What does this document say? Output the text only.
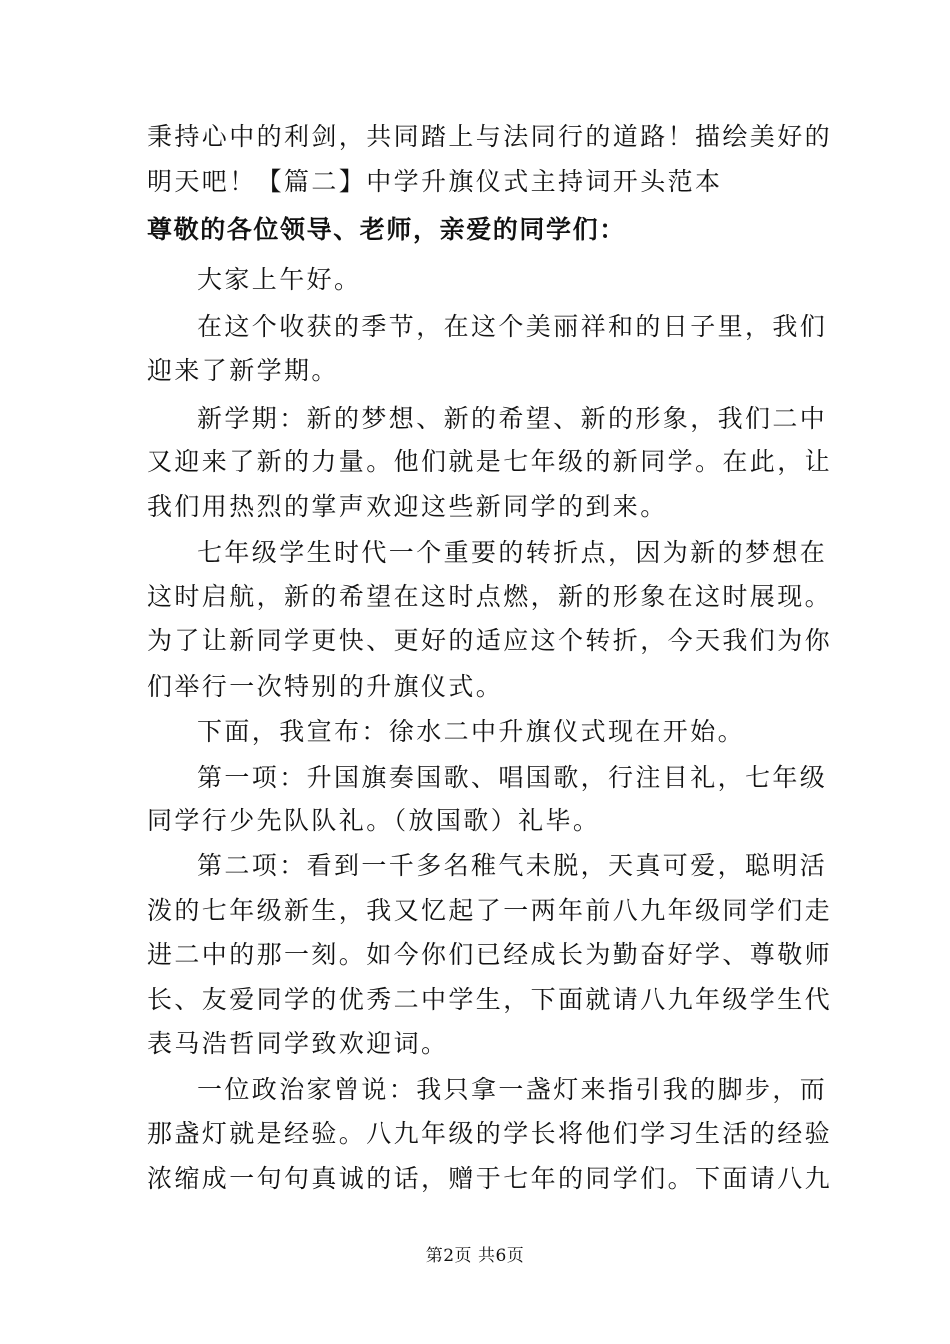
秉持心中的利剑，共同踏上与法同行的道路！描绘美好的
明天吧！【篇二】中学升旗仪式主持词开头范本
尊敬的各位领导、老师，亲爱的同学们：
大家上午好。
在这个收获的季节，在这个美丽祥和的日子里，我们
迎来了新学期。
新学期：新的梦想、新的希望、新的形象，我们二中
又迎来了新的力量。他们就是七年级的新同学。在此，让
我们用热烈的掌声欢迎这些新同学的到来。
七年级学生时代一个重要的转折点，因为新的梦想在
这时启航，新的希望在这时点燃，新的形象在这时展现。
为了让新同学更快、更好的适应这个转折，今天我们为你
们举行一次特别的升旗仪式。
下面，我宣布：徐水二中升旗仪式现在开始。
第一项：升国旗奏国歌、唱国歌，行注目礼，七年级
同学行少先队队礼。（放国歌）礼毕。
第二项：看到一千多名稚气未脱，天真可爱，聪明活
泼的七年级新生，我又忆起了一两年前八九年级同学们走
进二中的那一刻。如今你们已经成长为勤奋好学、尊敬师
长、友爱同学的优秀二中学生，下面就请八九年级学生代
表马浩哲同学致欢迎词。
一位政治家曾说：我只拿一盏灯来指引我的脚步，而
那盏灯就是经验。八九年级的学长将他们学习生活的经验
浓缩成一句句真诚的话，赠于七年的同学们。下面请八九
第2页 共6页
